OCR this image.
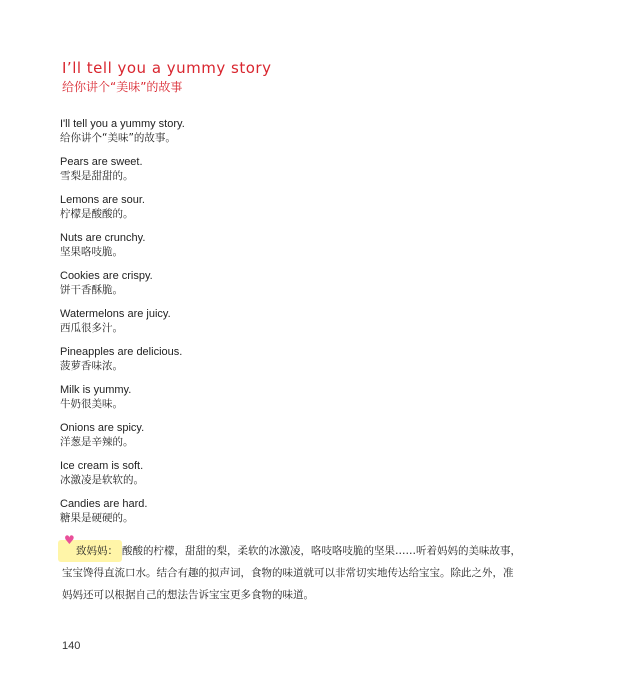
I’ll tell you a yummy story
给你讲个“美味”的故事
I'll tell you a yummy story.
给你讲个“美味”的故事。
Pears are sweet.
雪梨是甜甜的。
Lemons are sour.
柠檬是酸酸的。
Nuts are crunchy.
坚果咯吱脆。
Cookies are crispy.
饼干香酥脆。
Watermelons are juicy.
西瓜很多汁。
Pineapples are delicious.
菠萝香味浓。
Milk is yummy.
牛奶很美味。
Onions are spicy.
洋葱是辛辣的。
Ice cream is soft.
冰激凌是软软的。
Candies are hard.
糖果是硬硬的。
♥
致妈妈： 酸酸的柠檬，甜甜的梨，柔软的冰激凌，咯吱咯吱脆的坚果……听着妈妈的美味故事，宝宝馋得直流口水。结合有趣的拟声词，食物的味道就可以非常切实地传达给宝宝。除此之外，准妈妈还可以根据自己的想法告诉宝宝更多食物的味道。
140
